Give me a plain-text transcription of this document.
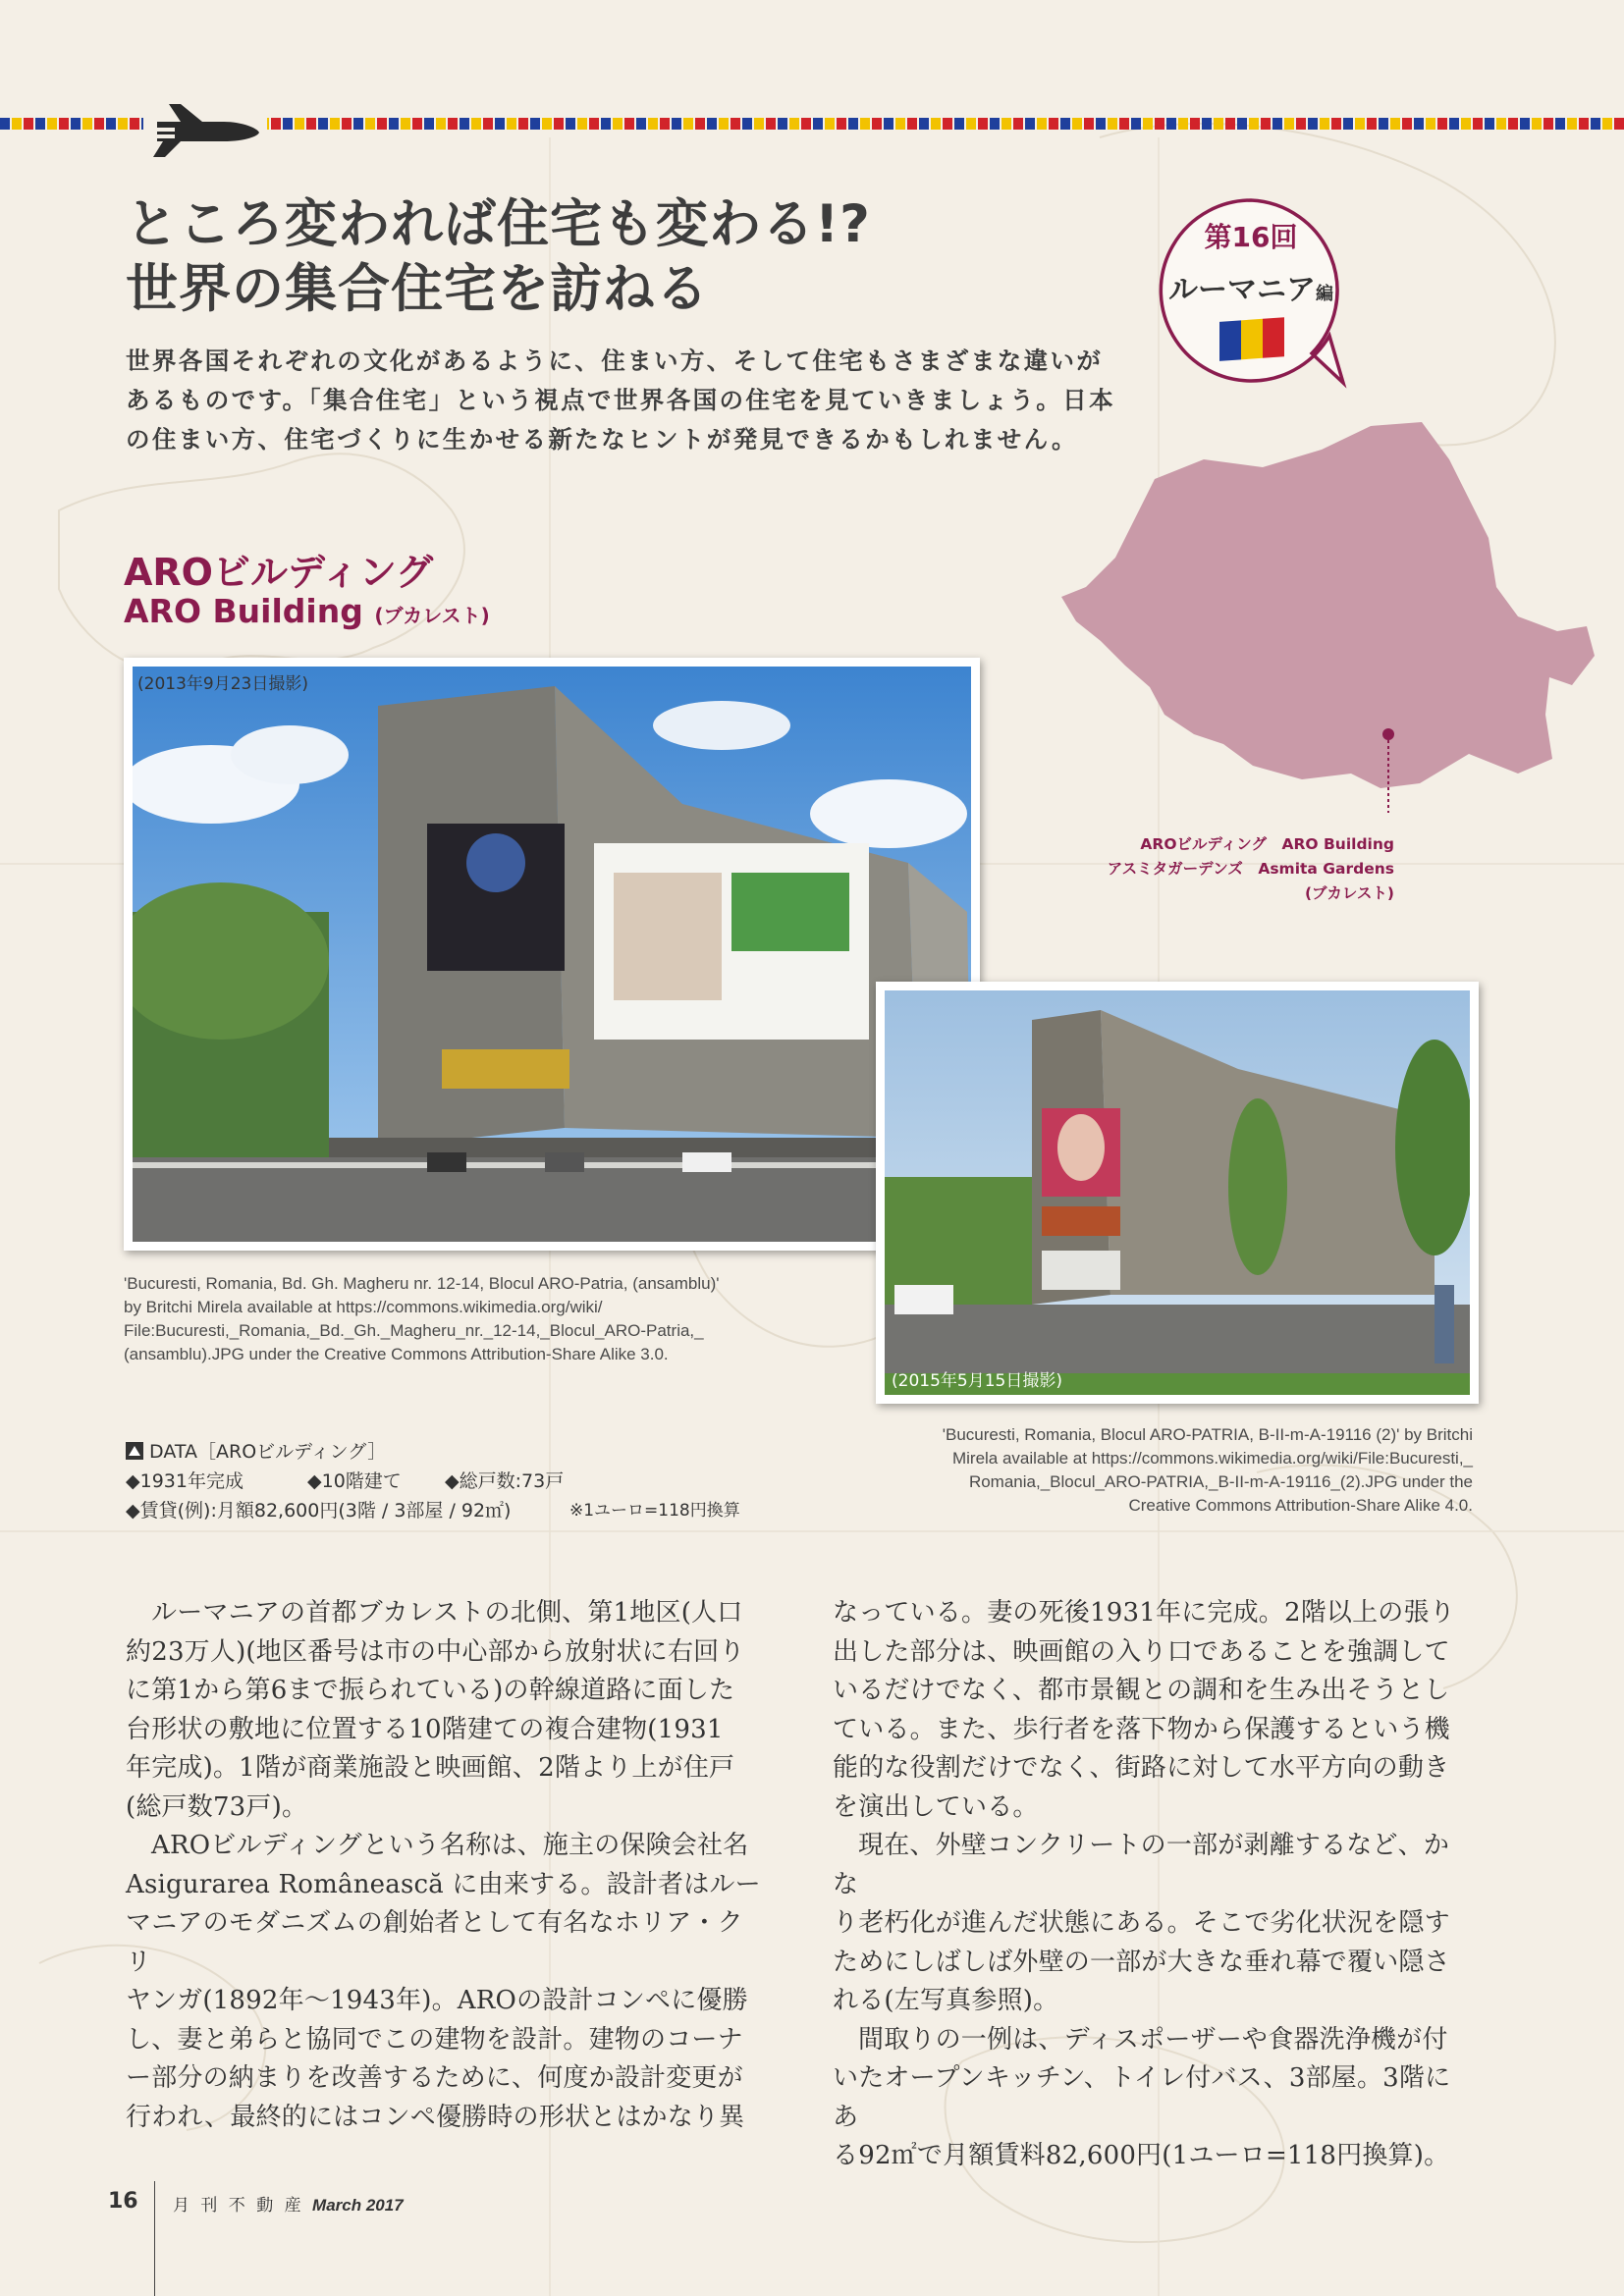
ところ変われば住宅も変わる!?
世界の集合住宅を訪ねる
世界各国それぞれの文化があるように、住まい方、そして住宅もさまざまな違いが
あるものです。「集合住宅」という視点で世界各国の住宅を見ていきましょう。日本
の住まい方、住宅づくりに生かせる新たなヒントが発見できるかもしれません。
第16回
ルーマニア編
AROビルディング　ARO Building
アスミタガーデンズ　Asmita Gardens
(ブカレスト)
AROビルディング
ARO Building (ブカレスト)
(2013年9月23日撮影)
(2015年5月15日撮影)
'Bucuresti, Romania, Bd. Gh. Magheru nr. 12-14, Blocul ARO-Patria, (ansamblu)'
by Britchi Mirela available at https://commons.wikimedia.org/wiki/
File:Bucuresti,_Romania,_Bd._Gh._Magheru_nr._12-14,_Blocul_ARO-Patria,_
(ansamblu).JPG under the Creative Commons Attribution-Share Alike 3.0.
'Bucuresti, Romania, Blocul ARO-PATRIA, B-II-m-A-19116 (2)' by Britchi
Mirela available at https://commons.wikimedia.org/wiki/File:Bucuresti,_
Romania,_Blocul_ARO-PATRIA,_B-II-m-A-19116_(2).JPG under the
Creative Commons Attribution-Share Alike 4.0.
DATA［AROビルディング］
◆1931年完成	◆10階建て ◆総戸数:73戸
◆賃貸(例):月額82,600円(3階 / 3部屋 / 92㎡)	※1ユーロ=118円換算

ルーマニアの首都ブカレストの北側、第1地区(人口

約23万人)(地区番号は市の中心部から放射状に右回り

に第1から第6まで振られている)の幹線道路に面した

台形状の敷地に位置する10階建ての複合建物(1931

年完成)。1階が商業施設と映画館、2階より上が住戸

(総戸数73戸)。

AROビルディングという名称は、施主の保険会社名

Asigurarea Românească に由来する。設計者はルー

マニアのモダニズムの創始者として有名なホリア・クリ

ヤンガ(1892年〜1943年)。AROの設計コンペに優勝

し、妻と弟らと協同でこの建物を設計。建物のコーナ

ー部分の納まりを改善するために、何度か設計変更が

行われ、最終的にはコンペ優勝時の形状とはかなり異

なっている。妻の死後1931年に完成。2階以上の張り

出した部分は、映画館の入り口であることを強調して

いるだけでなく、都市景観との調和を生み出そうとし

ている。また、歩行者を落下物から保護するという機

能的な役割だけでなく、街路に対して水平方向の動き

を演出している。

現在、外壁コンクリートの一部が剥離するなど、かな

り老朽化が進んだ状態にある。そこで劣化状況を隠す

ためにしばしば外壁の一部が大きな垂れ幕で覆い隠さ

れる(左写真参照)。

間取りの一例は、ディスポーザーや食器洗浄機が付

いたオープンキッチン、トイレ付バス、3部屋。3階にあ

る92㎡で月額賃料82,600円(1ユーロ=118円換算)。

16 月 刊 不 動 産 March 2017
